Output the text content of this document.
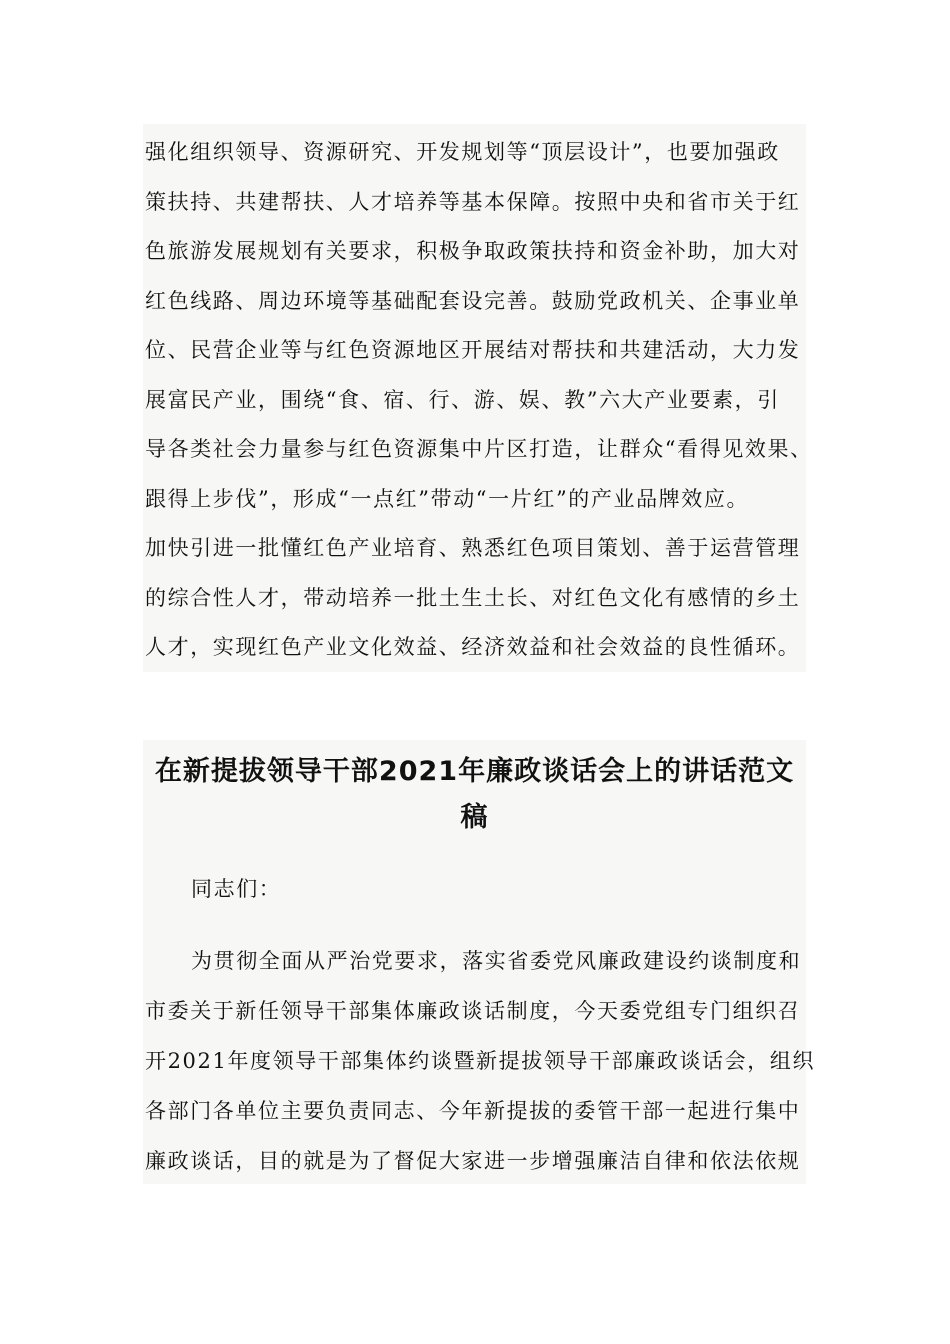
强化组织领导、资源研究、开发规划等“顶层设计”，也要加强政
策扶持、共建帮扶、人才培养等基本保障。按照中央和省市关于红
色旅游发展规划有关要求，积极争取政策扶持和资金补助，加大对
红色线路、周边环境等基础配套设完善。鼓励党政机关、企事业单
位、民营企业等与红色资源地区开展结对帮扶和共建活动，大力发
展富民产业，围绕“食、宿、行、游、娱、教”六大产业要素，引
导各类社会力量参与红色资源集中片区打造，让群众“看得见效果、
跟得上步伐”，形成“一点红”带动“一片红”的产业品牌效应。
加快引进一批懂红色产业培育、熟悉红色项目策划、善于运营管理
的综合性人才，带动培养一批土生土长、对红色文化有感情的乡土
人才，实现红色产业文化效益、经济效益和社会效益的良性循环。
在新提拔领导干部2021年廉政谈话会上的讲话范文
稿
同志们：
为贯彻全面从严治党要求，落实省委党风廉政建设约谈制度和
市委关于新任领导干部集体廉政谈话制度，今天委党组专门组织召
开2021年度领导干部集体约谈暨新提拔领导干部廉政谈话会，组织
各部门各单位主要负责同志、今年新提拔的委管干部一起进行集中
廉政谈话，目的就是为了督促大家进一步增强廉洁自律和依法依规
